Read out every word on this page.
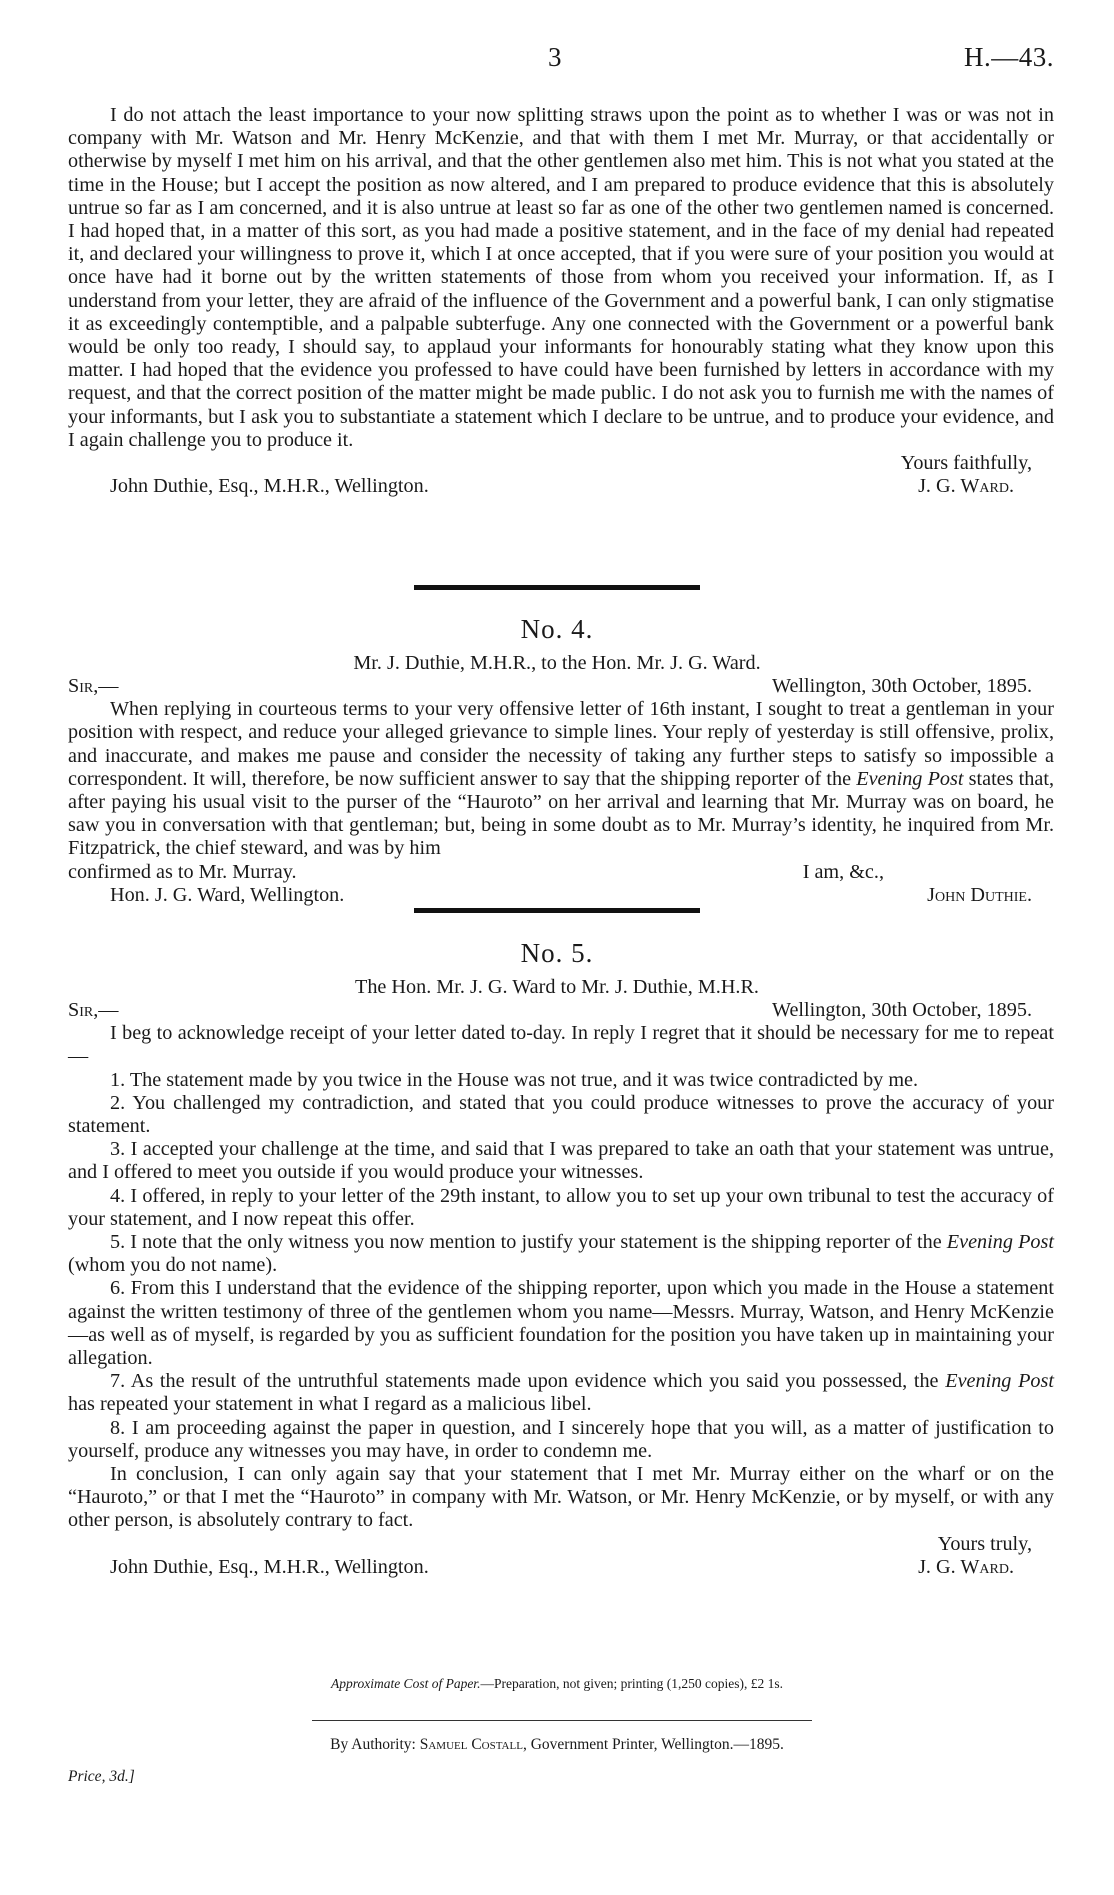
3	H.—43.

I do not attach the least importance to your now splitting straws upon the point as to whether I was or was not in company with Mr. Watson and Mr. Henry McKenzie, and that with them I met Mr. Murray, or that accidentally or otherwise by myself I met him on his arrival, and that the other gentlemen also met him. This is not what you stated at the time in the House; but I accept the position as now altered, and I am prepared to produce evidence that this is absolutely untrue so far as I am concerned, and it is also untrue at least so far as one of the other two gentlemen named is concerned. I had hoped that, in a matter of this sort, as you had made a positive statement, and in the face of my denial had repeated it, and declared your willingness to prove it, which I at once accepted, that if you were sure of your position you would at once have had it borne out by the written statements of those from whom you received your information. If, as I understand from your letter, they are afraid of the influence of the Government and a powerful bank, I can only stigmatise it as exceedingly contemptible, and a palpable subterfuge. Any one connected with the Government or a powerful bank would be only too ready, I should say, to applaud your informants for honourably stating what they know upon this matter. I had hoped that the evidence you professed to have could have been furnished by letters in accordance with my request, and that the correct position of the matter might be made public. I do not ask you to furnish me with the names of your informants, but I ask you to substantiate a statement which I declare to be untrue, and to produce your evidence, and I again challenge you to produce it.

Yours faithfully,
John Duthie, Esq., M.H.R., Wellington.	J. G. Ward.
No. 4.
Mr. J. Duthie, M.H.R., to the Hon. Mr. J. G. Ward.
Sir,—	Wellington, 30th October, 1895.

When replying in courteous terms to your very offensive letter of 16th instant, I sought to treat a gentleman in your position with respect, and reduce your alleged grievance to simple lines. Your reply of yesterday is still offensive, prolix, and inaccurate, and makes me pause and consider the necessity of taking any further steps to satisfy so impossible a correspondent. It will, therefore, be now sufficient answer to say that the shipping reporter of the Evening Post states that, after paying his usual visit to the purser of the “Hauroto” on her arrival and learning that Mr. Murray was on board, he saw you in conversation with that gentleman; but, being in some doubt as to Mr. Murray’s identity, he inquired from Mr. Fitzpatrick, the chief steward, and was by him

confirmed as to Mr. Murray.	I am, &c.,
Hon. J. G. Ward, Wellington.	John Duthie.
No. 5.
The Hon. Mr. J. G. Ward to Mr. J. Duthie, M.H.R.
Sir,—	Wellington, 30th October, 1895.

I beg to acknowledge receipt of your letter dated to-day. In reply I regret that it should be necessary for me to repeat—

1. The statement made by you twice in the House was not true, and it was twice contradicted by me.

2. You challenged my contradiction, and stated that you could produce witnesses to prove the accuracy of your statement.

3. I accepted your challenge at the time, and said that I was prepared to take an oath that your statement was untrue, and I offered to meet you outside if you would produce your witnesses.

4. I offered, in reply to your letter of the 29th instant, to allow you to set up your own tribunal to test the accuracy of your statement, and I now repeat this offer.

5. I note that the only witness you now mention to justify your statement is the shipping reporter of the Evening Post (whom you do not name).

6. From this I understand that the evidence of the shipping reporter, upon which you made in the House a statement against the written testimony of three of the gentlemen whom you name—Messrs. Murray, Watson, and Henry McKenzie—as well as of myself, is regarded by you as sufficient foundation for the position you have taken up in maintaining your allegation.

7. As the result of the untruthful statements made upon evidence which you said you possessed, the Evening Post has repeated your statement in what I regard as a malicious libel.

8. I am proceeding against the paper in question, and I sincerely hope that you will, as a matter of justification to yourself, produce any witnesses you may have, in order to condemn me.

In conclusion, I can only again say that your statement that I met Mr. Murray either on the wharf or on the “Hauroto,” or that I met the “Hauroto” in company with Mr. Watson, or Mr. Henry McKenzie, or by myself, or with any other person, is absolutely contrary to fact.

Yours truly,
John Duthie, Esq., M.H.R., Wellington.	J. G. Ward.
Approximate Cost of Paper.—Preparation, not given; printing (1,250 copies), £2 1s.
By Authority: Samuel Costall, Government Printer, Wellington.—1895.
Price, 3d.]
